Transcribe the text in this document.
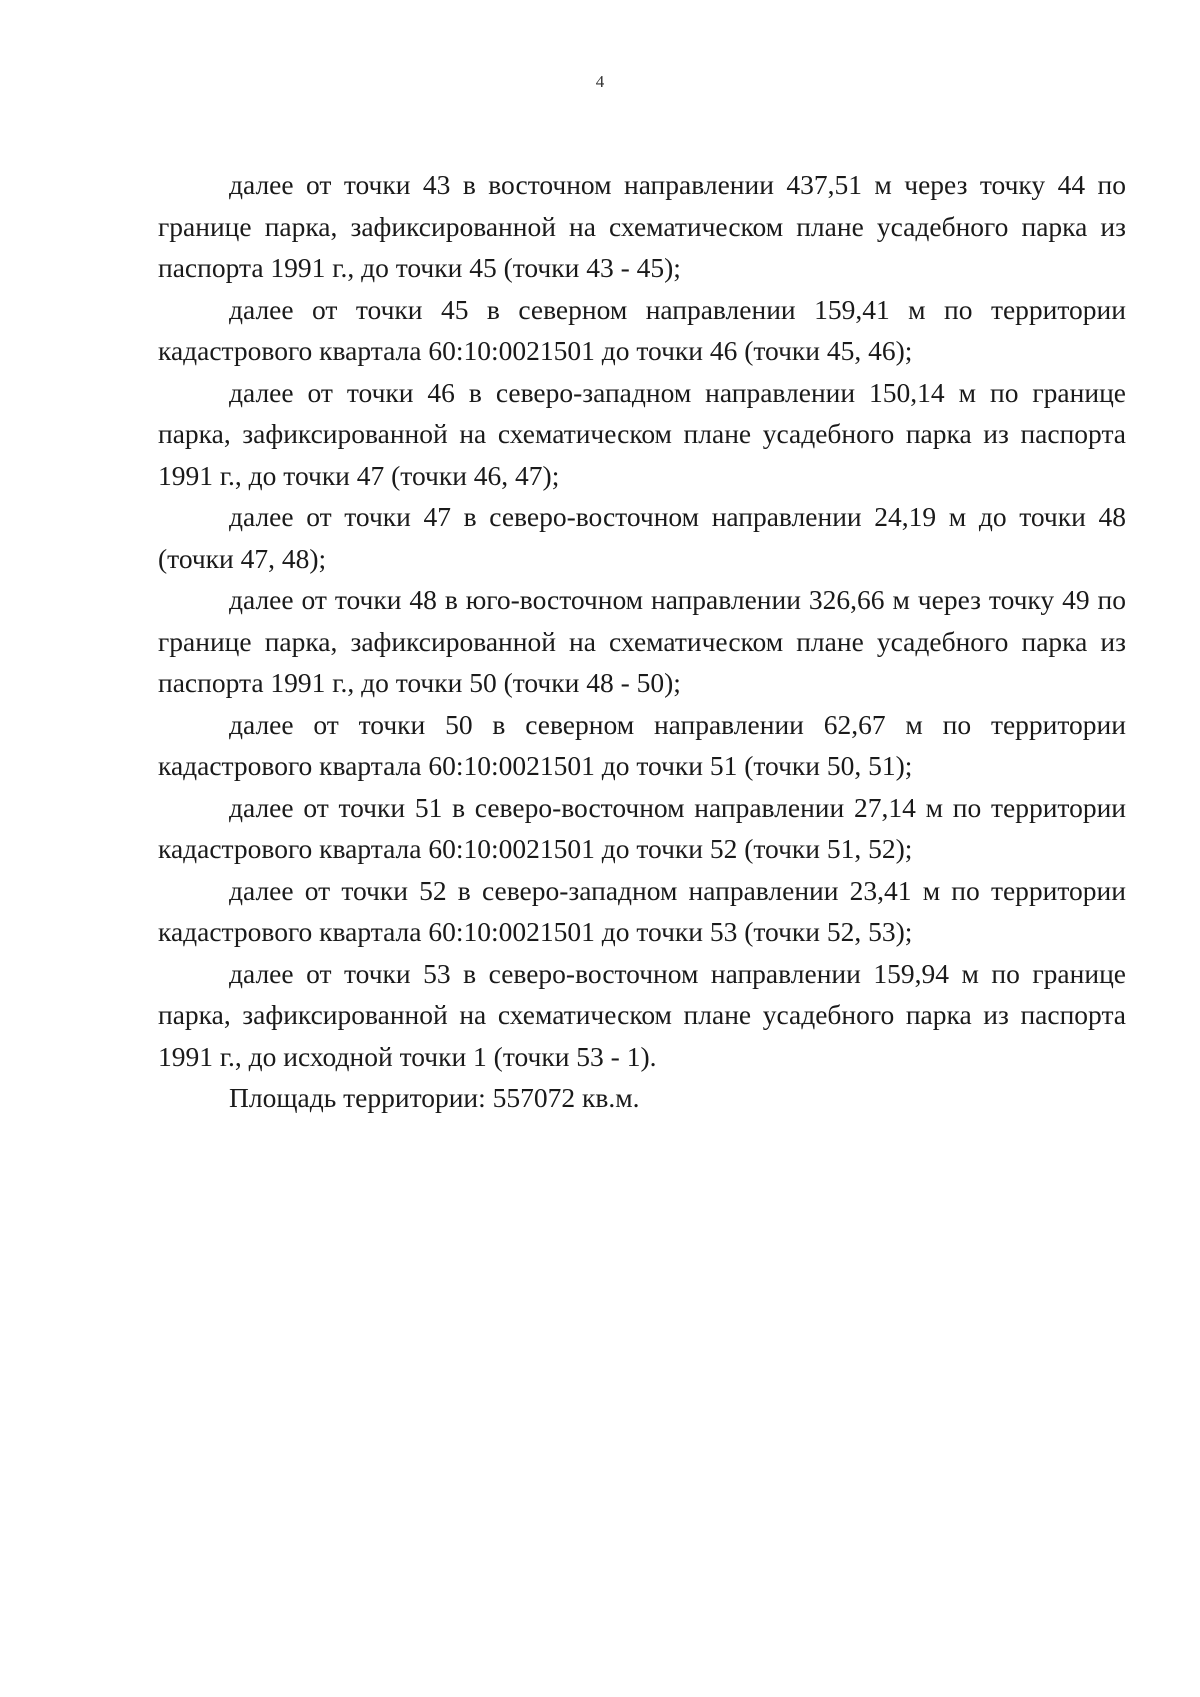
4

далее от точки 43 в восточном направлении 437,51 м через точку 44 по границе парка, зафиксированной на схематическом плане усадебного парка из паспорта 1991 г., до точки 45 (точки 43 - 45);

далее от точки 45 в северном направлении 159,41 м по территории кадастрового квартала 60:10:0021501 до точки 46 (точки 45, 46);

далее от точки 46 в северо-западном направлении 150,14 м по границе парка, зафиксированной на схематическом плане усадебного парка из паспорта 1991 г., до точки 47 (точки 46, 47);

далее от точки 47 в северо-восточном направлении 24,19 м до точки 48 (точки 47, 48);

далее от точки 48 в юго-восточном направлении 326,66 м через точку 49 по границе парка, зафиксированной на схематическом плане усадебного парка из паспорта 1991 г., до точки 50 (точки 48 - 50);

далее от точки 50 в северном направлении 62,67 м по территории кадастрового квартала 60:10:0021501 до точки 51 (точки 50, 51);

далее от точки 51 в северо-восточном направлении 27,14 м по территории кадастрового квартала 60:10:0021501 до точки 52 (точки 51, 52);

далее от точки 52 в северо-западном направлении 23,41 м по территории кадастрового квартала 60:10:0021501 до точки 53 (точки 52, 53);

далее от точки 53 в северо-восточном направлении 159,94 м по границе парка, зафиксированной на схематическом плане усадебного парка из паспорта 1991 г., до исходной точки 1 (точки 53 - 1).

Площадь территории: 557072 кв.м.
